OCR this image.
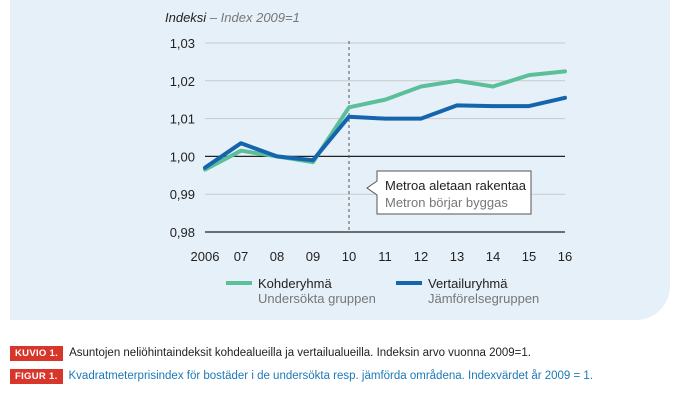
Indeksi – Index 2009=1
1,03
1,02
1,01
1,00
0,99
0,98
2006 07 08 09 10 11 12 13 14 15 16
Metroa aletaan rakentaa
Metron börjar byggas
Kohderyhmä
Undersökta gruppen
Vertailuryhmä
Jämförelsegruppen
KUVIO 1. Asuntojen neliöhintaindeksit kohdealueilla ja vertailualueilla. Indeksin arvo vuonna 2009=1.
FIGUR 1. Kvadratmeterprisindex för bostäder i de undersökta resp. jämförda områdena. Indexvärdet år 2009 = 1.
